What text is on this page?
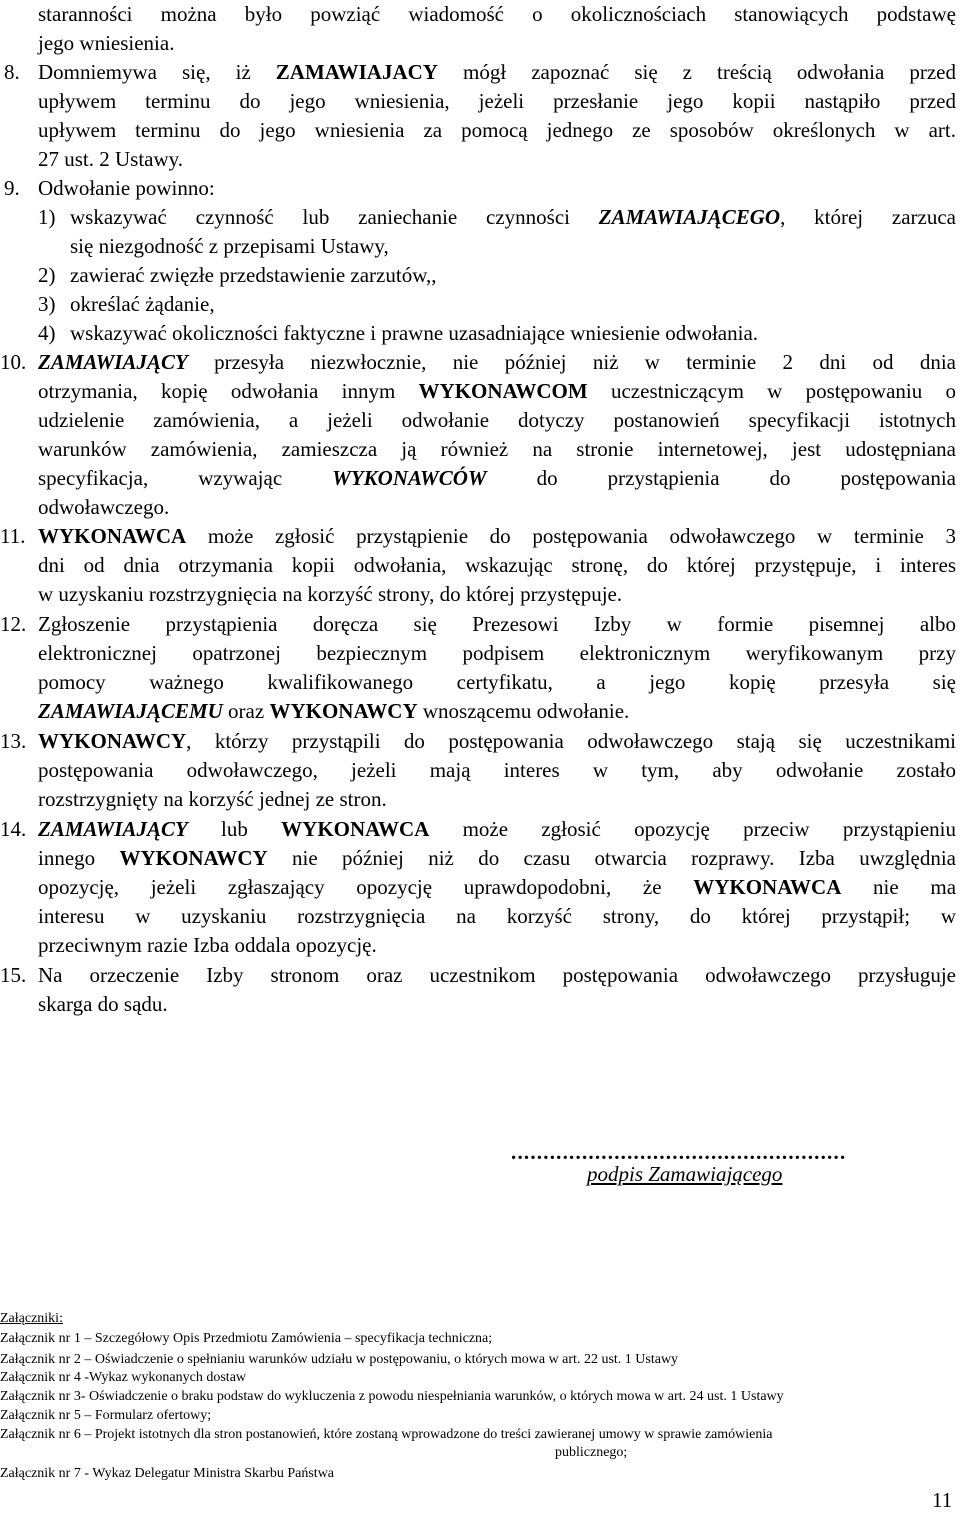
staranności można było powziąć wiadomość o okolicznościach stanowiących podstawę
jego wniesienia.
8. Domniemywa się, iż ZAMAWIAJACY mógł zapoznać się z treścią odwołania przed
upływem terminu do jego wniesienia, jeżeli przesłanie jego kopii nastąpiło przed
upływem terminu do jego wniesienia za pomocą jednego ze sposobów określonych w art.
27 ust. 2 Ustawy.
9. Odwołanie powinno:
1) wskazywać czynność lub zaniechanie czynności ZAMAWIAJĄCEGO, której zarzuca
się niezgodność z przepisami Ustawy,
2) zawierać zwięzłe przedstawienie zarzutów,,
3) określać żądanie,
4) wskazywać okoliczności faktyczne i prawne uzasadniające wniesienie odwołania.
10. ZAMAWIAJĄCY przesyła niezwłocznie, nie później niż w terminie 2 dni od dnia
otrzymania, kopię odwołania innym WYKONAWCOM uczestniczącym w postępowaniu o
udzielenie zamówienia, a jeżeli odwołanie dotyczy postanowień specyfikacji istotnych
warunków zamówienia, zamieszcza ją również na stronie internetowej, jest udostępniana
specyfikacja, wzywając WYKONAWCÓW do przystąpienia do postępowania
odwoławczego.
11. WYKONAWCA może zgłosić przystąpienie do postępowania odwoławczego w terminie 3
dni od dnia otrzymania kopii odwołania, wskazując stronę, do której przystępuje, i interes
w uzyskaniu rozstrzygnięcia na korzyść strony, do której przystępuje.
12. Zgłoszenie przystąpienia doręcza się Prezesowi Izby w formie pisemnej albo
elektronicznej opatrzonej bezpiecznym podpisem elektronicznym weryfikowanym przy
pomocy ważnego kwalifikowanego certyfikatu, a jego kopię przesyła się
ZAMAWIAJĄCEMU oraz WYKONAWCY wnoszącemu odwołanie.
13. WYKONAWCY, którzy przystąpili do postępowania odwoławczego stają się uczestnikami
postępowania odwoławczego, jeżeli mają interes w tym, aby odwołanie zostało
rozstrzygnięty na korzyść jednej ze stron.
14. ZAMAWIAJĄCY lub WYKONAWCA może zgłosić opozycję przeciw przystąpieniu
innego WYKONAWCY nie później niż do czasu otwarcia rozprawy. Izba uwzględnia
opozycję, jeżeli zgłaszający opozycję uprawdopodobni, że WYKONAWCA nie ma
interesu w uzyskaniu rozstrzygnięcia na korzyść strony, do której przystąpił; w
przeciwnym razie Izba oddala opozycję.
15. Na orzeczenie Izby stronom oraz uczestnikom postępowania odwoławczego przysługuje
skarga do sądu.
....................................................
podpis Zamawiającego
Załączniki:
Załącznik nr 1 – Szczegółowy Opis Przedmiotu Zamówienia – specyfikacja techniczna;
Załącznik nr 2 – Oświadczenie o spełnianiu warunków udziału w postępowaniu, o których mowa w art. 22 ust. 1 Ustawy
Załącznik nr 4 -Wykaz wykonanych dostaw
Załącznik nr 3- Oświadczenie o braku podstaw do wykluczenia z powodu niespełniania warunków, o których mowa w art. 24 ust. 1 Ustawy
Załącznik nr 5 – Formularz ofertowy;
Załącznik nr 6 – Projekt istotnych dla stron postanowień, które zostaną wprowadzone do treści zawieranej umowy w sprawie zamówienia
publicznego;
Załącznik nr 7 - Wykaz Delegatur Ministra Skarbu Państwa
11
